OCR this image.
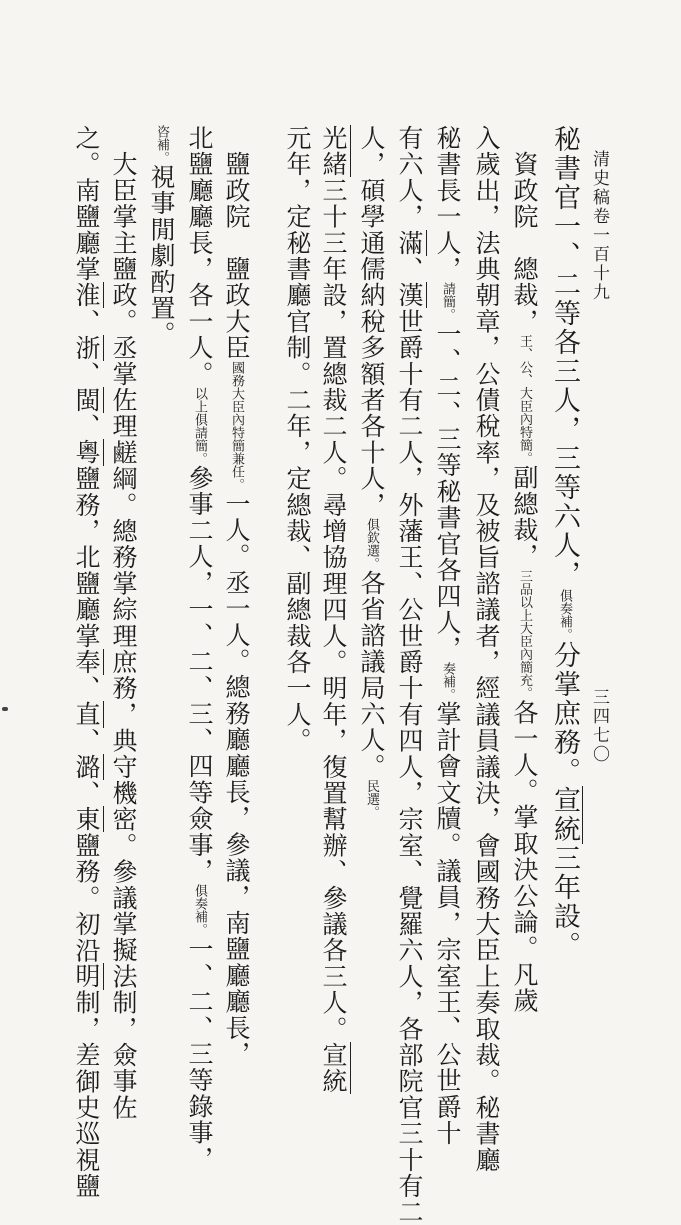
清史稿卷一百十九
三四七〇
秘書官一、二等各三人，三等六人，俱奏補。分掌庶務。宣統三年設。
　資政院　總裁，王、公、大臣內特簡。副總裁，三品以上大臣內簡充。各一人。掌取決公論。凡歲
入歲出，法典朝章，公債稅率，及被旨諮議者，經議員議決，會國務大臣上奏取裁。秘書廳
秘書長一人，請簡。一、二、三等秘書官各四人，奏補。掌計會文牘。議員，宗室王、公世爵十
有六人，滿、漢世爵十有二人，外藩王、公世爵十有四人，宗室、覺羅六人，各部院官三十有二
人，碩學通儒納稅多額者各十人，俱欽選。各省諮議局六人。民選。
光緒三十三年設，置總裁二人。尋增協理四人。明年，復置幫辦、參議各三人。宣統
元年，定秘書廳官制。二年，定總裁、副總裁各一人。
　鹽政院　鹽政大臣國務大臣內特簡兼任。一人。丞一人。總務廳廳長，參議，南鹽廳廳長，
北鹽廳廳長，各一人。以上俱請簡。參事二人，一、二、三、四等僉事，俱奏補。一、二、三等錄事，
咨補。視事閒劇酌置。
　大臣掌主鹽政。丞掌佐理鹺綱。總務掌綜理庶務，典守機密。參議掌擬法制，僉事佐
之。南鹽廳掌淮、浙、閩、粵鹽務，北鹽廳掌奉、直、潞、東鹽務。初沿明制，差御史巡視鹽
